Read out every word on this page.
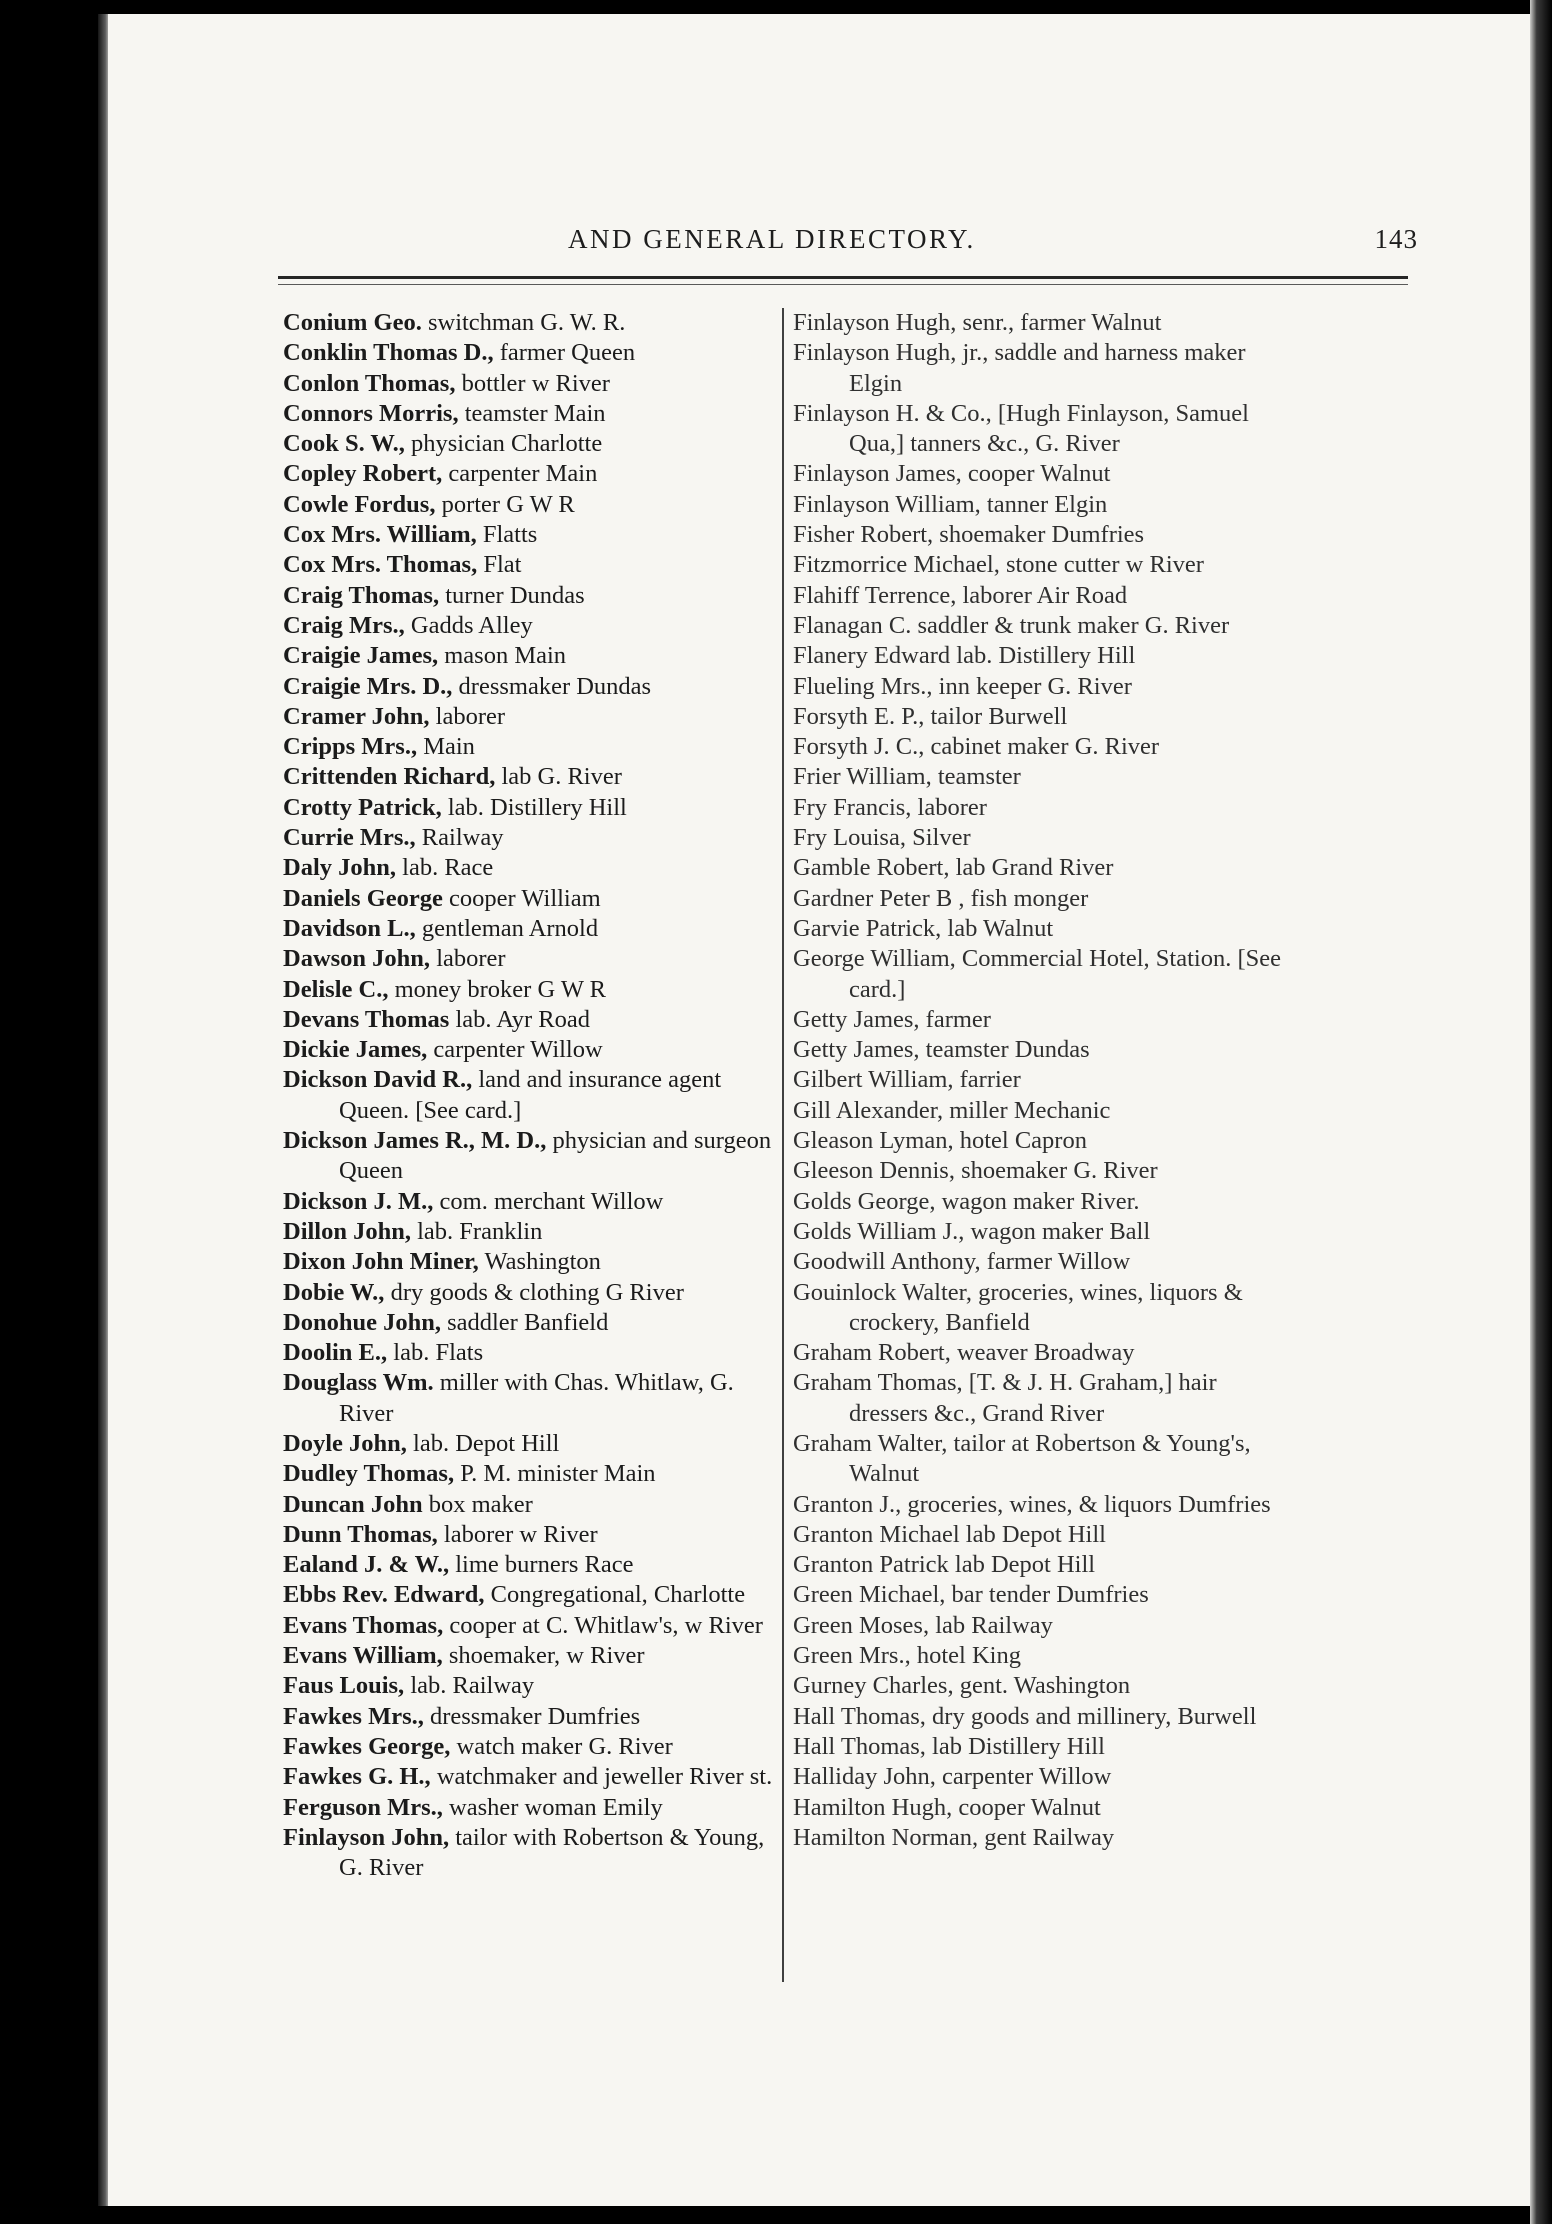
AND GENERAL DIRECTORY.	143

Conium Geo. switchman G. W. R.

Conklin Thomas D., farmer Queen

Conlon Thomas, bottler w River

Connors Morris, teamster Main

Cook S. W., physician Charlotte

Copley Robert, carpenter Main

Cowle Fordus, porter G W R

Cox Mrs. William, Flatts

Cox Mrs. Thomas, Flat

Craig Thomas, turner Dundas

Craig Mrs., Gadds Alley

Craigie James, mason Main

Craigie Mrs. D., dressmaker Dundas

Cramer John, laborer

Cripps Mrs., Main

Crittenden Richard, lab G. River

Crotty Patrick, lab. Distillery Hill

Currie Mrs., Railway

Daly John, lab. Race

Daniels George cooper William

Davidson L., gentleman Arnold

Dawson John, laborer

Delisle C., money broker G W R

Devans Thomas lab. Ayr Road

Dickie James, carpenter Willow

Dickson David R., land and insurance agent Queen. [See card.]

Dickson James R., M. D., physician and surgeon Queen

Dickson J. M., com. merchant Willow

Dillon John, lab. Franklin

Dixon John Miner, Washington

Dobie W., dry goods & clothing G River

Donohue John, saddler Banfield

Doolin E., lab. Flats

Douglass Wm. miller with Chas. Whitlaw, G. River

Doyle John, lab. Depot Hill

Dudley Thomas, P. M. minister Main

Duncan John box maker

Dunn Thomas, laborer w River

Ealand J. & W., lime burners Race

Ebbs Rev. Edward, Congregational, Charlotte

Evans Thomas, cooper at C. Whitlaw's, w River

Evans William, shoemaker, w River

Faus Louis, lab. Railway

Fawkes Mrs., dressmaker Dumfries

Fawkes George, watch maker G. River

Fawkes G. H., watchmaker and jeweller River st.

Ferguson Mrs., washer woman Emily

Finlayson John, tailor with Robertson & Young, G. River

Finlayson Hugh, senr., farmer Walnut

Finlayson Hugh, jr., saddle and harness maker Elgin

Finlayson H. & Co., [Hugh Finlayson, Samuel Qua,] tanners &c., G. River

Finlayson James, cooper Walnut

Finlayson William, tanner Elgin

Fisher Robert, shoemaker Dumfries

Fitzmorrice Michael, stone cutter w River

Flahiff Terrence, laborer Air Road

Flanagan C. saddler & trunk maker G. River

Flanery Edward lab. Distillery Hill

Flueling Mrs., inn keeper G. River

Forsyth E. P., tailor Burwell

Forsyth J. C., cabinet maker G. River

Frier William, teamster

Fry Francis, laborer

Fry Louisa, Silver

Gamble Robert, lab Grand River

Gardner Peter B , fish monger

Garvie Patrick, lab Walnut

George William, Commercial Hotel, Station. [See card.]

Getty James, farmer

Getty James, teamster Dundas

Gilbert William, farrier

Gill Alexander, miller Mechanic

Gleason Lyman, hotel Capron

Gleeson Dennis, shoemaker G. River

Golds George, wagon maker River.

Golds William J., wagon maker Ball

Goodwill Anthony, farmer Willow

Gouinlock Walter, groceries, wines, liquors & crockery, Banfield

Graham Robert, weaver Broadway

Graham Thomas, [T. & J. H. Graham,] hair dressers &c., Grand River

Graham Walter, tailor at Robertson & Young's, Walnut

Granton J., groceries, wines, & liquors Dumfries

Granton Michael lab Depot Hill

Granton Patrick lab Depot Hill

Green Michael, bar tender Dumfries

Green Moses, lab Railway

Green Mrs., hotel King

Gurney Charles, gent. Washington

Hall Thomas, dry goods and millinery, Burwell

Hall Thomas, lab Distillery Hill

Halliday John, carpenter Willow

Hamilton Hugh, cooper Walnut

Hamilton Norman, gent Railway
